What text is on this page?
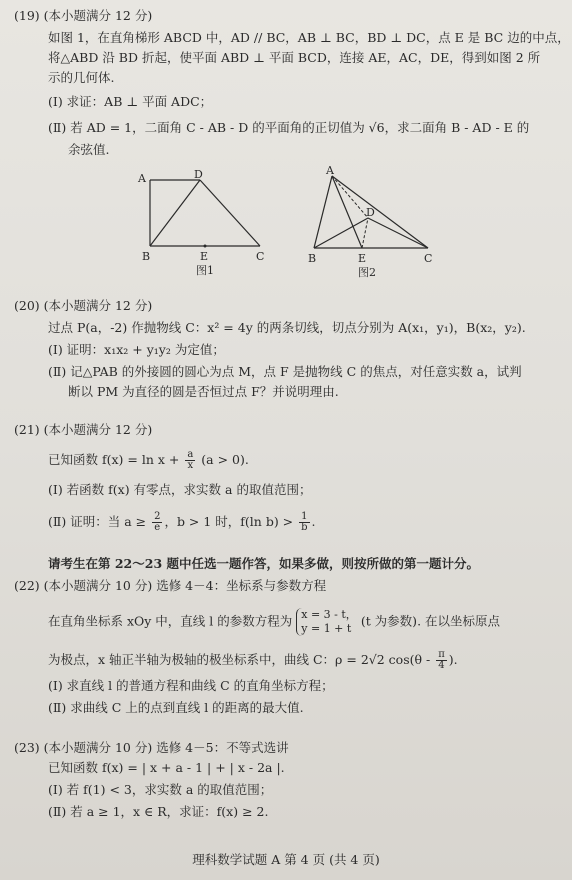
(19) (本小题满分 12 分)
如图 1，在直角梯形 ABCD 中，AD // BC，AB ⊥ BC，BD ⊥ DC，点 E 是 BC 边的中点，
将△ABD 沿 BD 折起，使平面 ABD ⊥ 平面 BCD，连接 AE，AC，DE，得到如图 2 所
示的几何体.
(Ⅰ) 求证：AB ⊥ 平面 ADC；
(Ⅱ) 若 AD = 1，二面角 C - AB - D 的平面角的正切值为 √6，求二面角 B - AD - E 的
余弦值.
A	D
B	E	C
图1
A
D
B	E	C
图2
(20) (本小题满分 12 分)
过点 P(a，-2) 作抛物线 C：x² = 4y 的两条切线，切点分别为 A(x₁，y₁)，B(x₂，y₂).
(Ⅰ) 证明：x₁x₂ + y₁y₂ 为定值；
(Ⅱ) 记△PAB 的外接圆的圆心为点 M，点 F 是抛物线 C 的焦点，对任意实数 a，试判
断以 PM 为直径的圆是否恒过点 F？并说明理由.
(21) (本小题满分 12 分)
已知函数 $f(x) = \ln x + \frac{a}{x} (a > 0)$.
(Ⅰ) 若函数 f(x) 有零点，求实数 a 的取值范围；
(Ⅱ) 证明：当 $a \ge \frac{2}{e}$ ，b > 1 时，f(ln $b) > \frac{1}{b}$ .
请考生在第 22～23 题中任选一题作答，如果多做，则按所做的第一题计分。
(22) (本小题满分 10 分) 选修 4－4：坐标系与参数方程
在直角坐标系 xOy 中，直线 l 的参数方程为 x = 3 - t，
y = 1 + t (t 为参数). 在以坐标原点
为极点，x 轴正半轴为极轴的极坐标系中，曲线 C：ρ = 2√2 $\cos(\theta - \frac{\pi}{4}$ ).
(Ⅰ) 求直线 l 的普通方程和曲线 C 的直角坐标方程；
(Ⅱ) 求曲线 C 上的点到直线 l 的距离的最大值.
(23) (本小题满分 10 分) 选修 4－5：不等式选讲
已知函数 f(x) = | x + a - 1 | + | x - 2a |.
(Ⅰ) 若 f(1) < 3，求实数 a 的取值范围；
(Ⅱ) 若 a ≥ 1，x ∈ R，求证：f(x) ≥ 2.
理科数学试题 A 第 4 页 (共 4 页)
